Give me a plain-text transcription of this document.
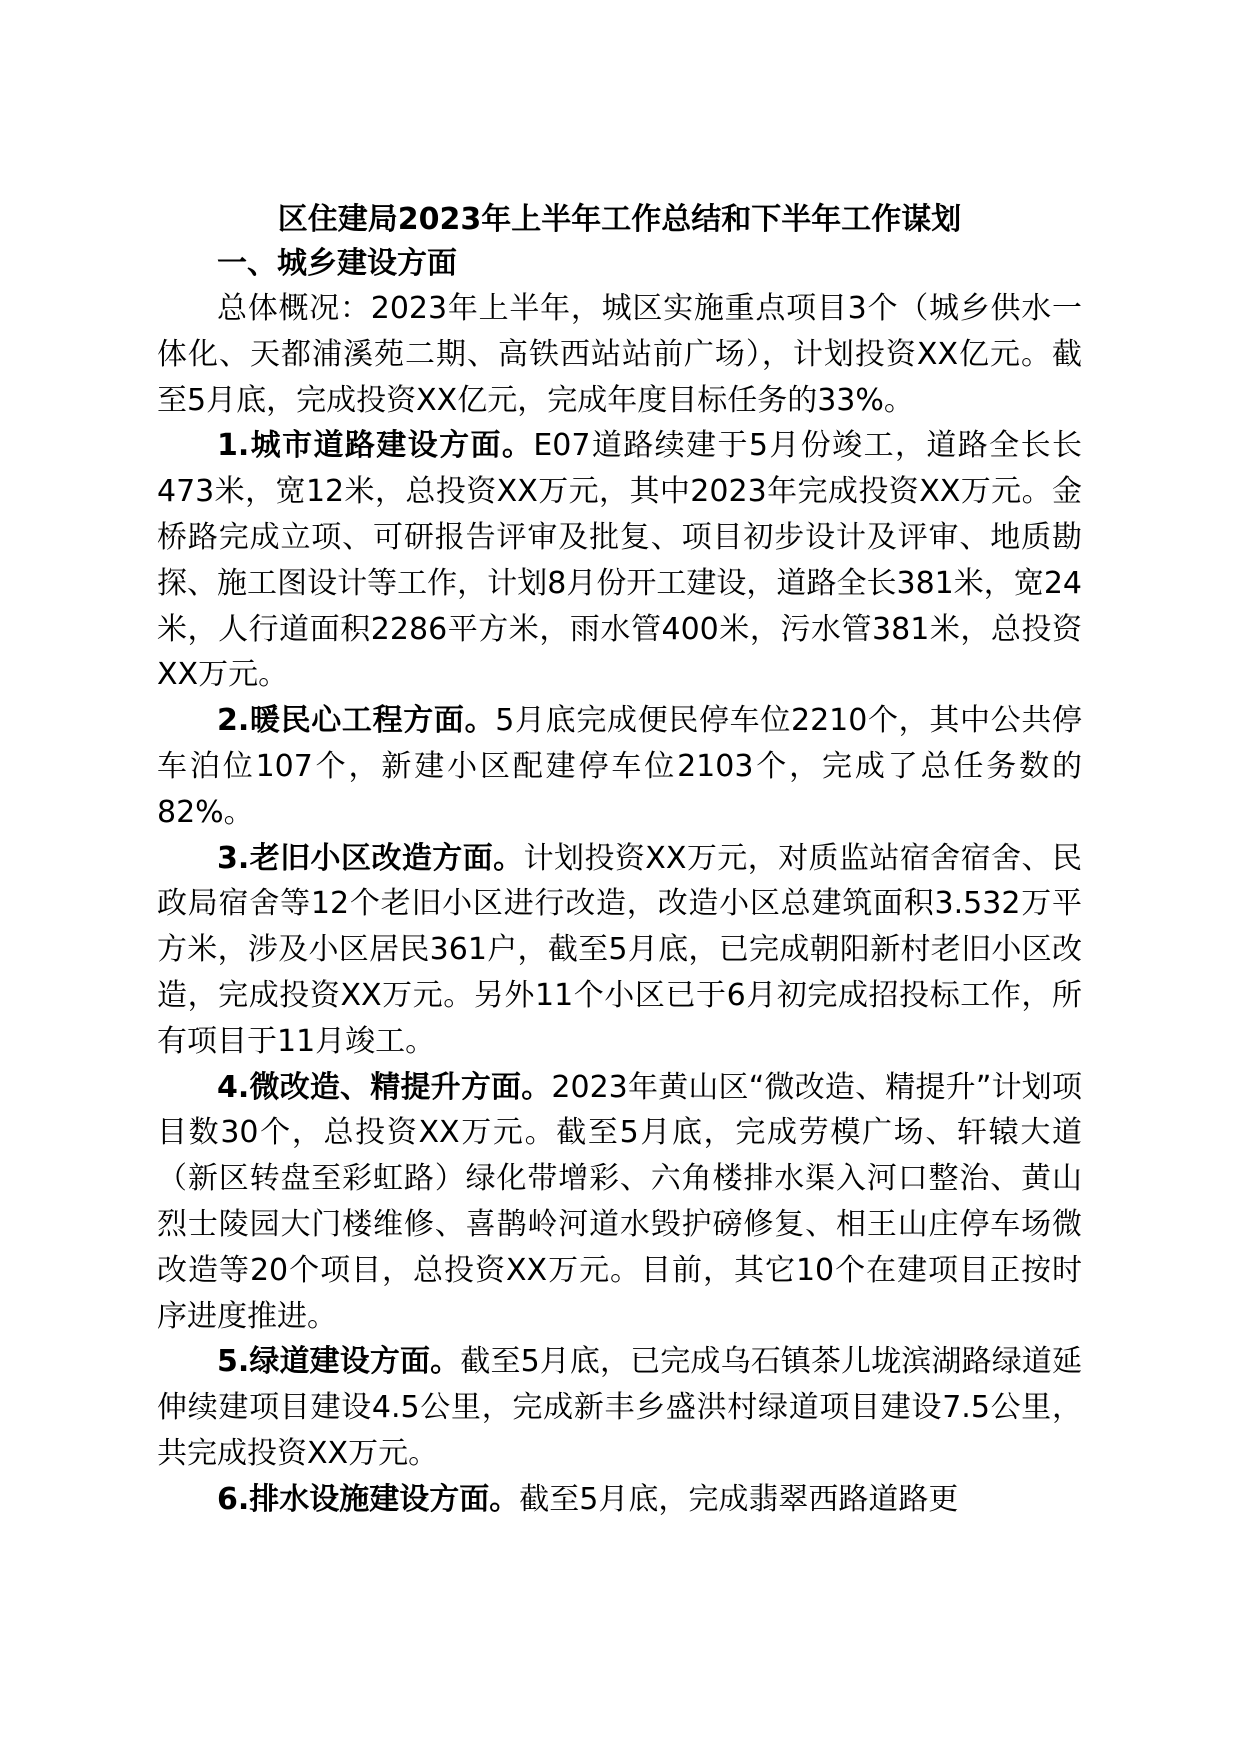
区住建局2023年上半年工作总结和下半年工作谋划
一、城乡建设方面

总体概况：2023年上半年，城区实施重点项目3个（城乡供水一体化、天都浦溪苑二期、高铁西站站前广场），计划投资XX亿元。截至5月底，完成投资XX亿元，完成年度目标任务的33%。

1.城市道路建设方面。E07道路续建于5月份竣工，道路全长长473米，宽12米，总投资XX万元，其中2023年完成投资XX万元。金桥路完成立项、可研报告评审及批复、项目初步设计及评审、地质勘探、施工图设计等工作，计划8月份开工建设，道路全长381米，宽24米，人行道面积2286平方米，雨水管400米，污水管381米，总投资XX万元。

2.暖民心工程方面。5月底完成便民停车位2210个，其中公共停车泊位107个，新建小区配建停车位2103个，完成了总任务数的82%。

3.老旧小区改造方面。计划投资XX万元，对质监站宿舍宿舍、民政局宿舍等12个老旧小区进行改造，改造小区总建筑面积3.532万平方米，涉及小区居民361户，截至5月底，已完成朝阳新村老旧小区改造，完成投资XX万元。另外11个小区已于6月初完成招投标工作，所有项目于11月竣工。

4.微改造、精提升方面。2023年黄山区“微改造、精提升”计划项目数30个，总投资XX万元。截至5月底，完成劳模广场、轩辕大道（新区转盘至彩虹路）绿化带增彩、六角楼排水渠入河口整治、黄山烈士陵园大门楼维修、喜鹊岭河道水毁护磅修复、相王山庄停车场微改造等20个项目，总投资XX万元。目前，其它10个在建项目正按时序进度推进。

5.绿道建设方面。截至5月底，已完成乌石镇茶儿垅滨湖路绿道延伸续建项目建设4.5公里，完成新丰乡盛洪村绿道项目建设7.5公里，共完成投资XX万元。

6.排水设施建设方面。截至5月底，完成翡翠西路道路更
